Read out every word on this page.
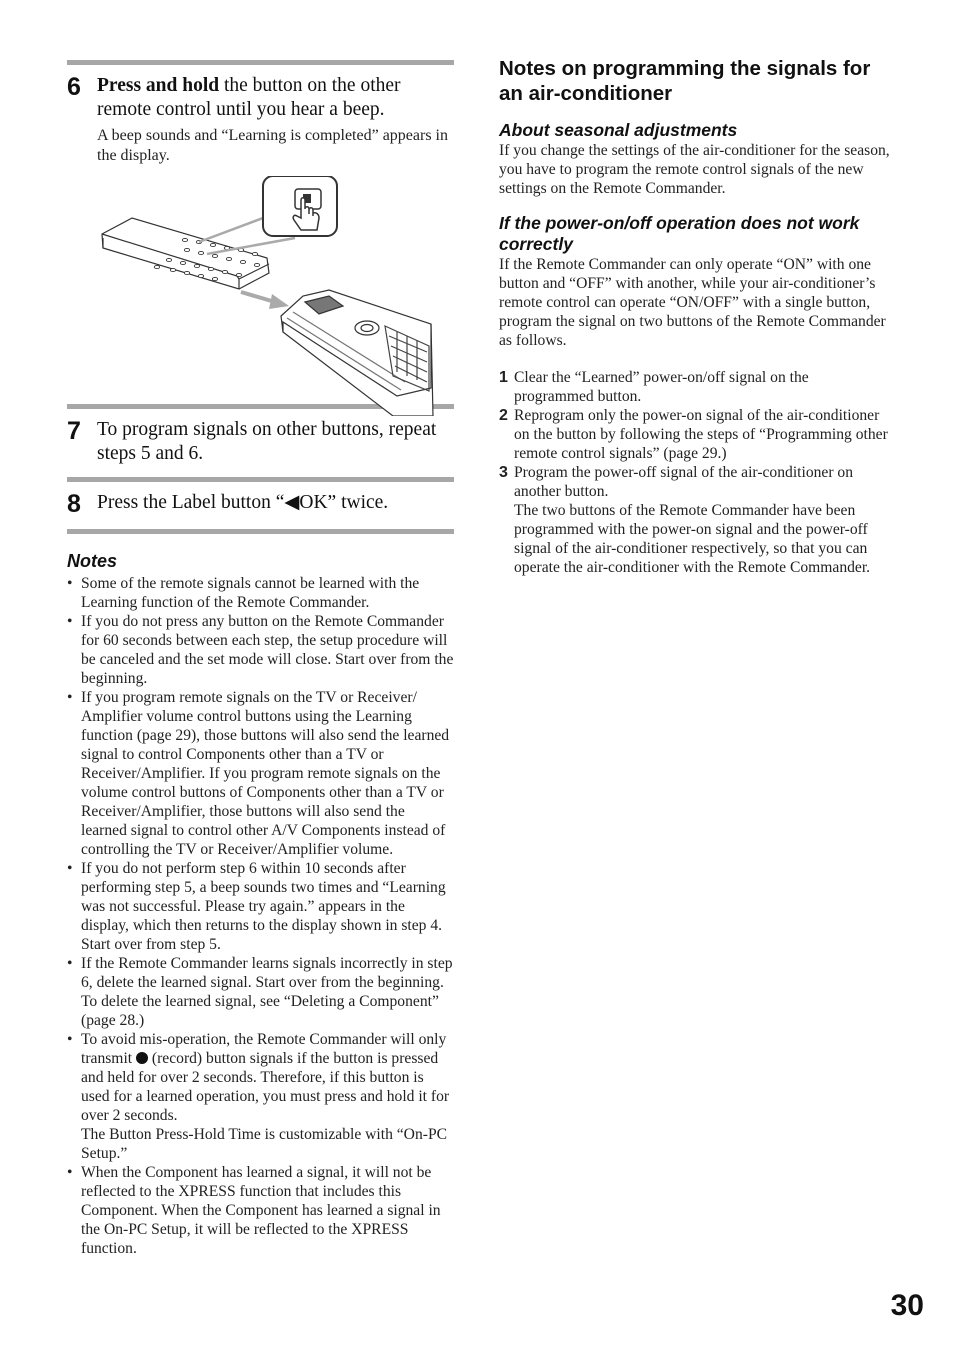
6 Press and hold the button on the other remote control until you hear a beep.
A beep sounds and “Learning is completed” appears in the display.
7 To program signals on other buttons, repeat steps 5 and 6.
8 Press the Label button “◀OK” twice.
Notes
• Some of the remote signals cannot be learned with the Learning function of the Remote Commander.
• If you do not press any button on the Remote Commander for 60 seconds between each step, the setup procedure will be canceled and the set mode will close. Start over from the beginning.
• If you program remote signals on the TV or Receiver/ Amplifier volume control buttons using the Learning function (page 29), those buttons will also send the learned signal to control Components other than a TV or Receiver/Amplifier. If you program remote signals on the volume control buttons of Components other than a TV or Receiver/Amplifier, those buttons will also send the learned signal to control other A/V Components instead of controlling the TV or Receiver/Amplifier volume.
• If you do not perform step 6 within 10 seconds after performing step 5, a beep sounds two times and “Learning was not successful. Please try again.” appears in the display, which then returns to the display shown in step 4. Start over from step 5.
• If the Remote Commander learns signals incorrectly in step 6, delete the learned signal. Start over from the beginning. To delete the learned signal, see “Deleting a Component” (page 28.)
• To avoid mis-operation, the Remote Commander will only transmit  (record) button signals if the button is pressed and held for over 2 seconds. Therefore, if this button is used for a learned operation, you must press and hold it for over 2 seconds.
The Button Press-Hold Time is customizable with “On-PC Setup.”
• When the Component has learned a signal, it will not be reflected to the XPRESS function that includes this Component. When the Component has learned a signal in the On-PC Setup, it will be reflected to the XPRESS function.
Notes on programming the signals for an air-conditioner
About seasonal adjustments
If you change the settings of the air-conditioner for the season, you have to program the remote control signals of the new settings on the Remote Commander.
If the power-on/off operation does not work correctly
If the Remote Commander can only operate “ON” with one button and “OFF” with another, while your air-conditioner’s remote control can operate “ON/OFF” with a single button, program the signal on two buttons of the Remote Commander as follows.
1 Clear the “Learned” power-on/off signal on the programmed button.
2 Reprogram only the power-on signal of the air-conditioner on the button by following the steps of “Programming other remote control signals” (page 29.)
3 Program the power-off signal of the air-conditioner on another button.
The two buttons of the Remote Commander have been programmed with the power-on signal and the power-off signal of the air-conditioner respectively, so that you can operate the air-conditioner with the Remote Commander.
30
